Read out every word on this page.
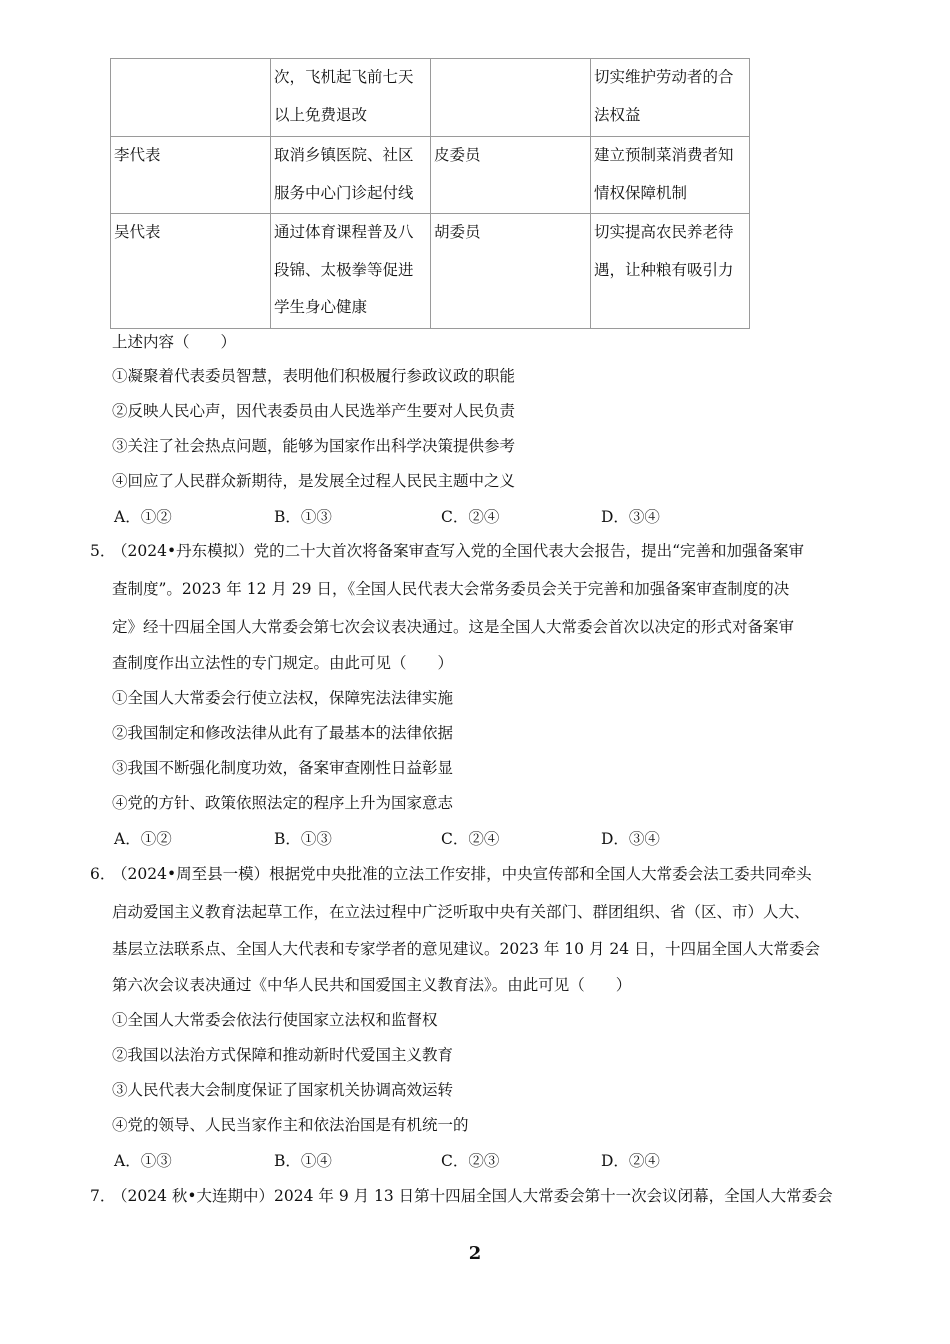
	次，飞机起飞前七天以上免费退改		切实维护劳动者的合法权益
李代表	取消乡镇医院、社区服务中心门诊起付线	皮委员	建立预制菜消费者知情权保障机制
吴代表	通过体育课程普及八段锦、太极拳等促进学生身心健康	胡委员	切实提高农民养老待遇，让种粮有吸引力
上述内容（　　）
①凝聚着代表委员智慧，表明他们积极履行参政议政的职能
②反映人民心声，因代表委员由人民选举产生要对人民负责
③关注了社会热点问题，能够为国家作出科学决策提供参考
④回应了人民群众新期待，是发展全过程人民民主题中之义
A．①②	B．①③	C．②④	D．③④
5．
（2024•丹东模拟）党的二十大首次将备案审查写入党的全国代表大会报告，提出“完善和加强备案审
查制度”。2023 年 12 月 29 日，《全国人民代表大会常务委员会关于完善和加强备案审查制度的决
定》经十四届全国人大常委会第七次会议表决通过。这是全国人大常委会首次以决定的形式对备案审
查制度作出立法性的专门规定。由此可见（　　）
①全国人大常委会行使立法权，保障宪法法律实施
②我国制定和修改法律从此有了最基本的法律依据
③我国不断强化制度功效，备案审查刚性日益彰显
④党的方针、政策依照法定的程序上升为国家意志
A．①②	B．①③	C．②④	D．③④
6．
（2024•周至县一模）根据党中央批准的立法工作安排，中央宣传部和全国人大常委会法工委共同牵头
启动爱国主义教育法起草工作，在立法过程中广泛听取中央有关部门、群团组织、省（区、市）人大、
基层立法联系点、全国人大代表和专家学者的意见建议。2023 年 10 月 24 日，十四届全国人大常委会
第六次会议表决通过《中华人民共和国爱国主义教育法》。由此可见（　　）
①全国人大常委会依法行使国家立法权和监督权
②我国以法治方式保障和推动新时代爱国主义教育
③人民代表大会制度保证了国家机关协调高效运转
④党的领导、人民当家作主和依法治国是有机统一的
A．①③	B．①④	C．②③	D．②④
7．
（2024 秋•大连期中）2024 年 9 月 13 日第十四届全国人大常委会第十一次会议闭幕，全国人大常委会
2
